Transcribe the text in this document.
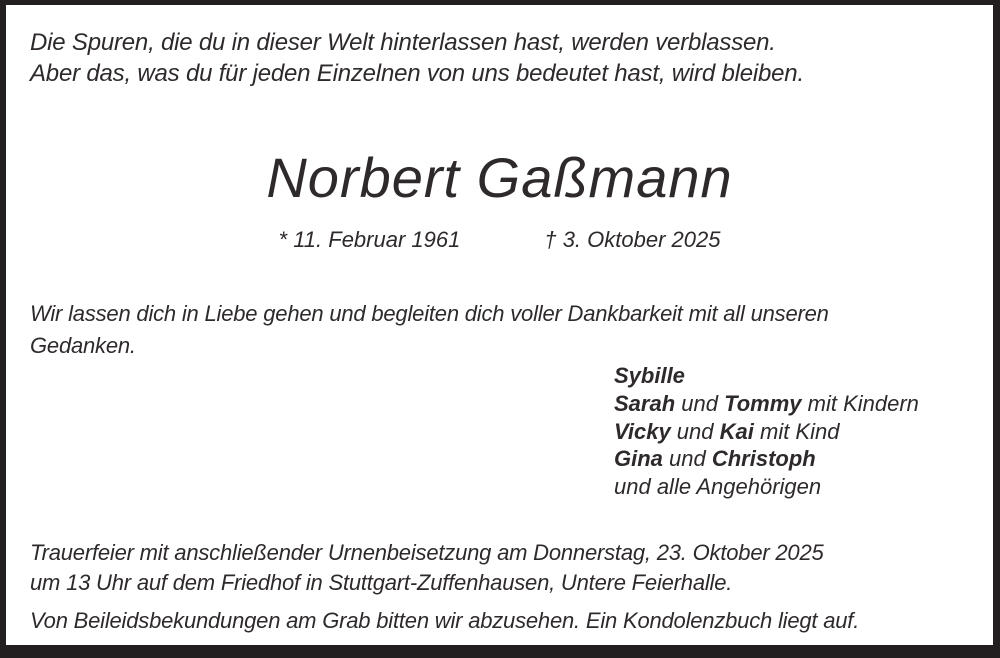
Die Spuren, die du in dieser Welt hinterlassen hast, werden verblassen.
Aber das, was du für jeden Einzelnen von uns bedeutet hast, wird bleiben.
Norbert Gaßmann
* 11. Februar 1961	† 3. Oktober 2025
Wir lassen dich in Liebe gehen und begleiten dich voller Dankbarkeit mit all unseren
Gedanken.
Sybille
Sarah und Tommy mit Kindern
Vicky und Kai mit Kind
Gina und Christoph
und alle Angehörigen
Trauerfeier mit anschließender Urnenbeisetzung am Donnerstag, 23. Oktober 2025
um 13 Uhr auf dem Friedhof in Stuttgart-Zuffenhausen, Untere Feierhalle.
Von Beileidsbekundungen am Grab bitten wir abzusehen. Ein Kondolenzbuch liegt auf.
